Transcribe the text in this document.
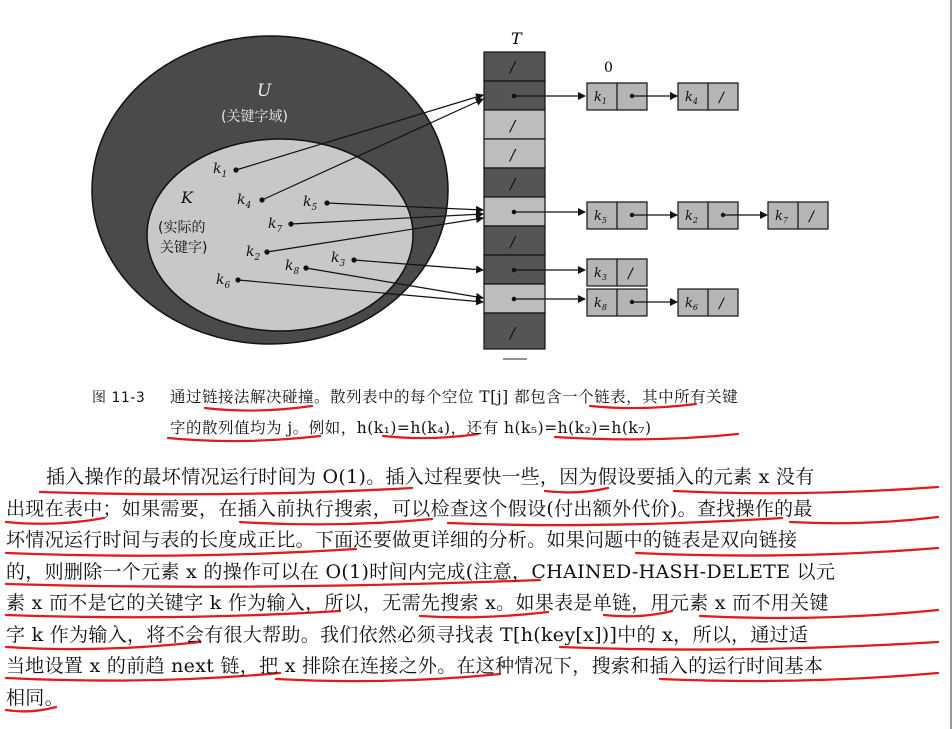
U
(关键字域)
K
(实际的
关键字)
$k_1$
$k_4$	$k_5$
$k_7$
$k_2$	$k_3$
$k_8$
$k_6$
T
/
/
/
/
/
/
0
$k_1$	$k_4$
$k_5$	$k_2$	$k_7$
$k_3$
$k_8$	$k_6$
/
/
/
/
图 11-3 通过链接法解决碰撞。散列表中的每个空位 T[j] 都包含一个链表，其中所有关键
字的散列值均为 j。例如，h(k₁)=h(k₄)，还有 h(k₅)=h(k₂)=h(k₇)

插入操作的最坏情况运行时间为 O(1)。插入过程要快一些，因为假设要插入的元素 x 没有

出现在表中；如果需要，在插入前执行搜索，可以检查这个假设(付出额外代价)。查找操作的最

坏情况运行时间与表的长度成正比。下面还要做更详细的分析。如果问题中的链表是双向链接

的，则删除一个元素 x 的操作可以在 O(1)时间内完成(注意，CHAINED-HASH-DELETE 以元

素 x 而不是它的关键字 k 作为输入，所以，无需先搜索 x。如果表是单链，用元素 x 而不用关键

字 k 作为输入，将不会有很大帮助。我们依然必须寻找表 T[h(key[x])]中的 x，所以，通过适

当地设置 x 的前趋 next 链，把 x 排除在连接之外。在这种情况下，搜索和插入的运行时间基本

相同。
